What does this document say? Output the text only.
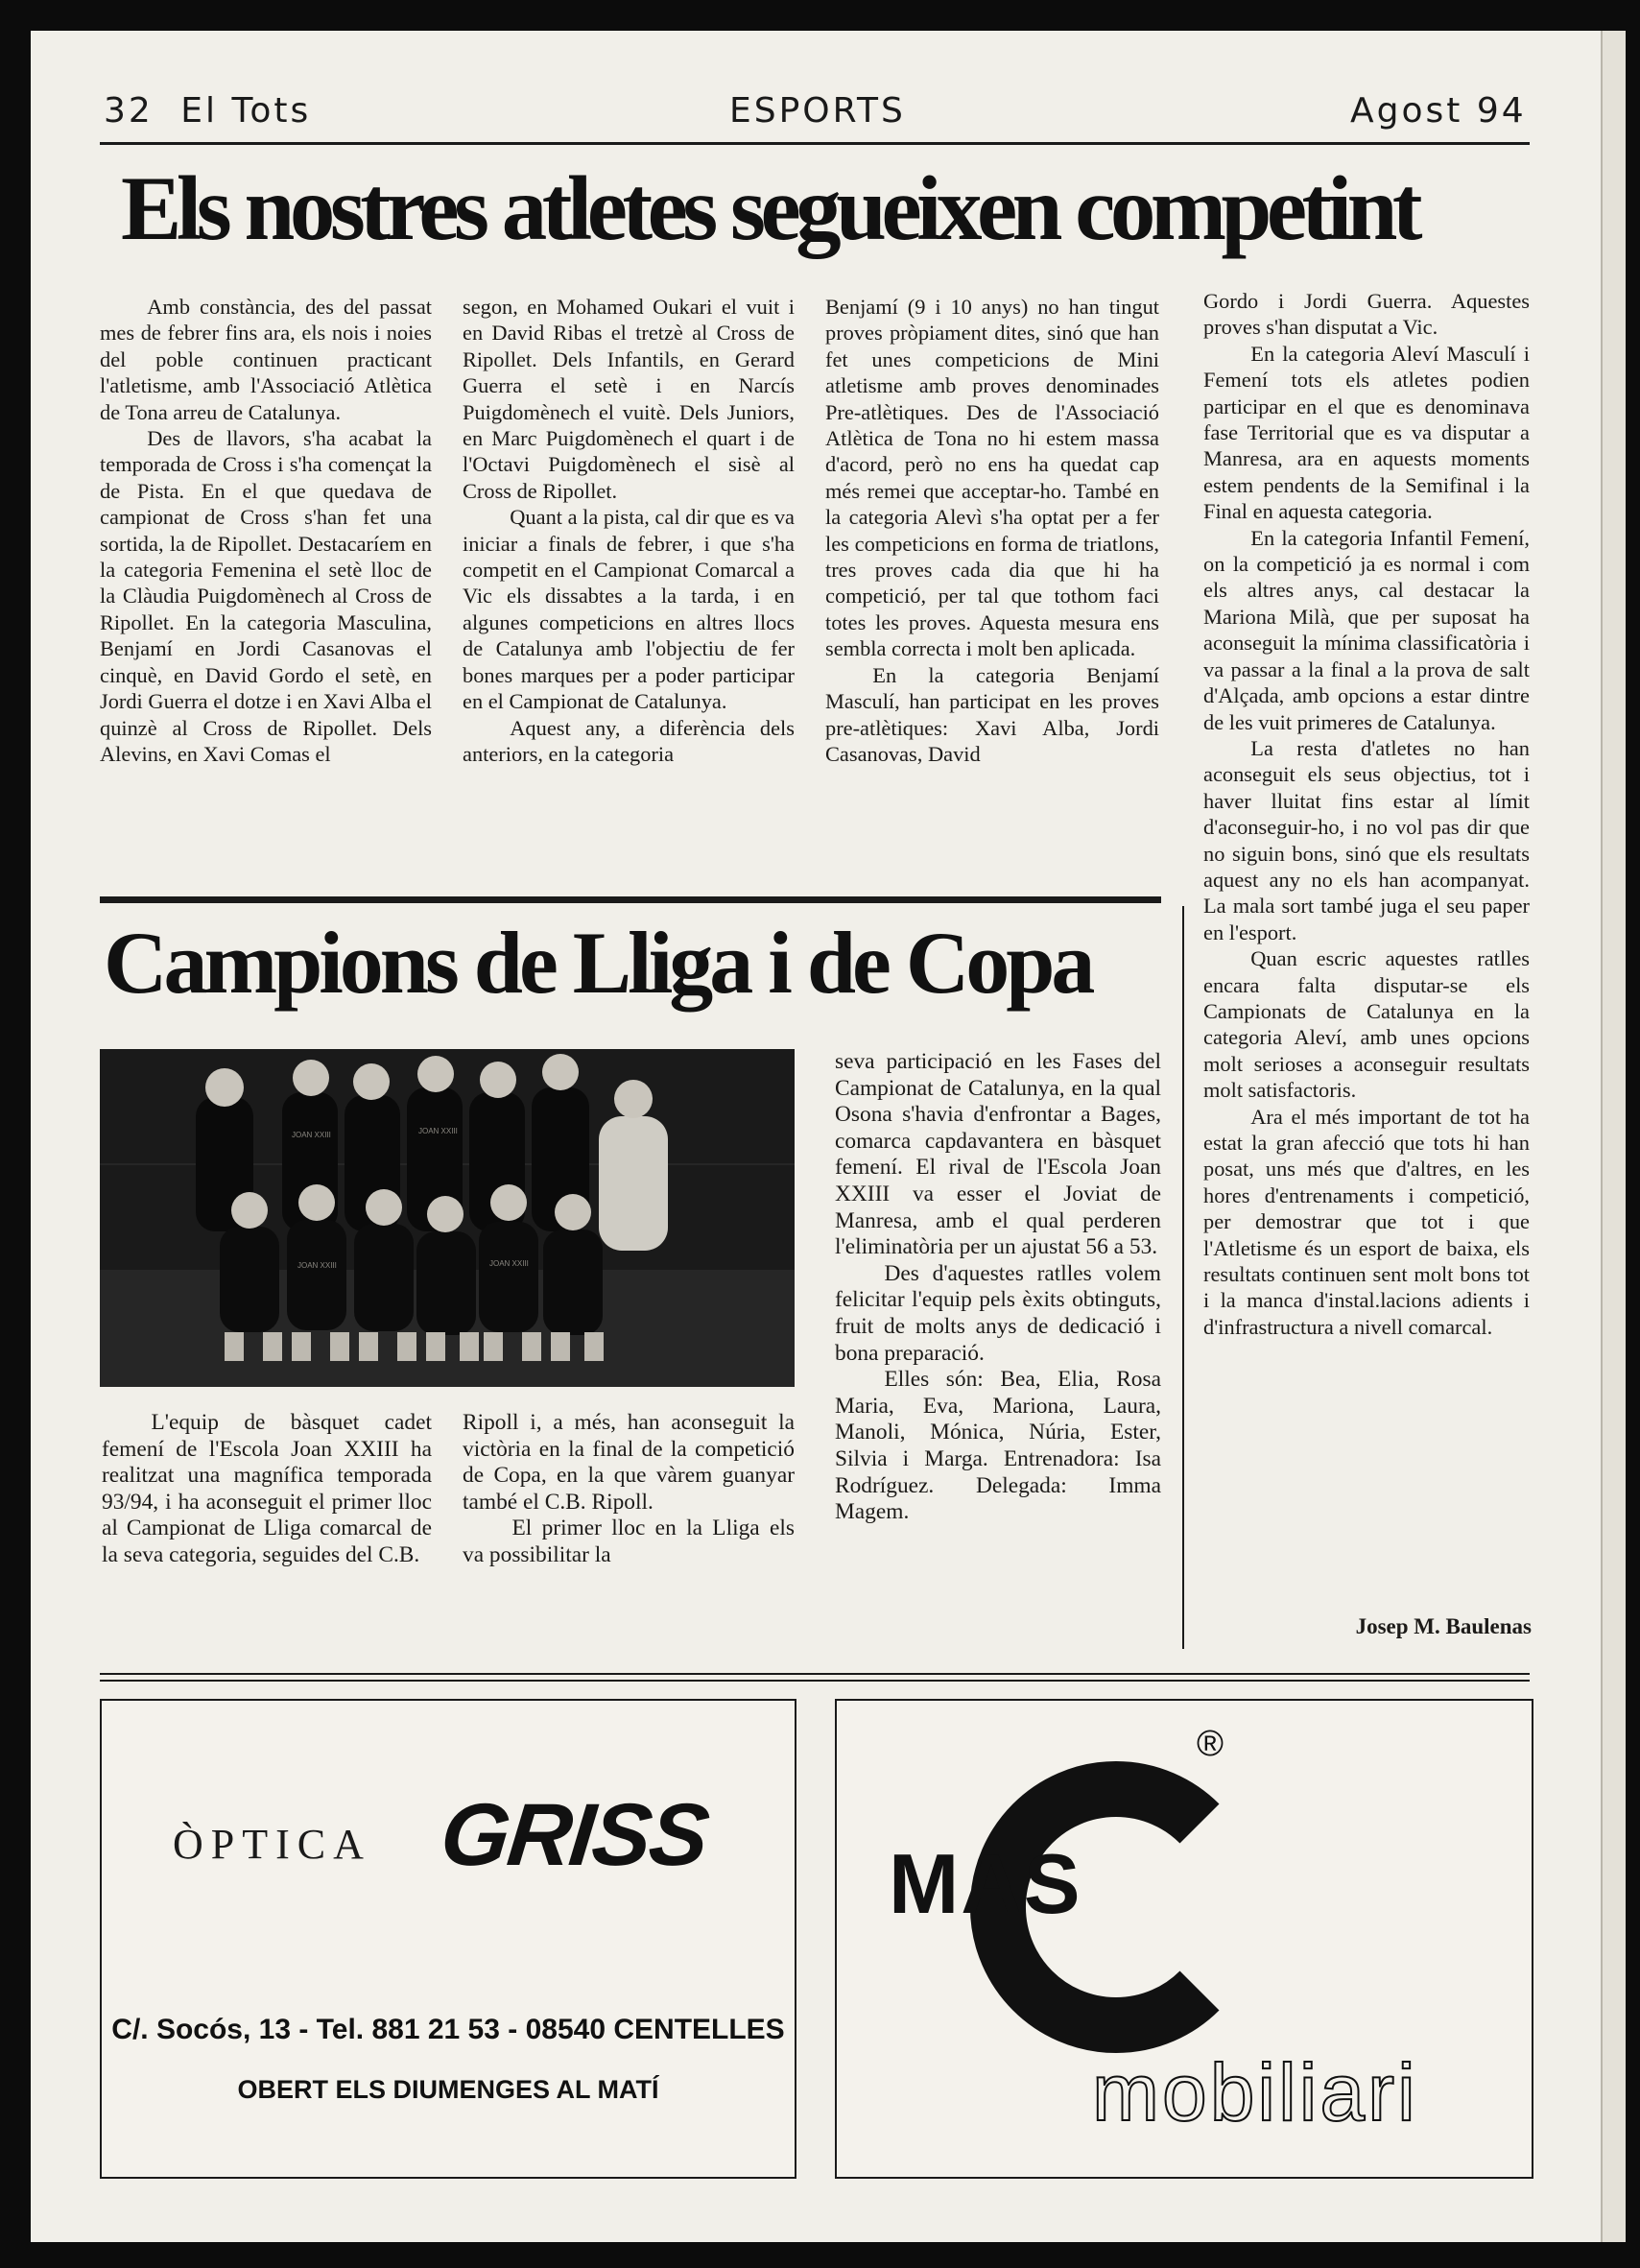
32 El Tots	ESPORTS	Agost 94
Els nostres atletes segueixen competint

Amb constància, des del passat mes de febrer fins ara, els nois i noies del poble continuen practicant l'atletisme, amb l'Associació Atlètica de Tona arreu de Catalunya.

Des de llavors, s'ha acabat la temporada de Cross i s'ha començat la de Pista. En el que quedava de campionat de Cross s'han fet una sortida, la de Ripollet. Destacaríem en la categoria Femenina el setè lloc de la Clàudia Puigdomènech al Cross de Ripollet. En la categoria Masculina, Benjamí en Jordi Casanovas el cinquè, en David Gordo el setè, en Jordi Guerra el dotze i en Xavi Alba el quinzè al Cross de Ripollet. Dels Alevins, en Xavi Comas el

segon, en Mohamed Oukari el vuit i en David Ribas el tretzè al Cross de Ripollet. Dels Infantils, en Gerard Guerra el setè i en Narcís Puigdomènech el vuitè. Dels Juniors, en Marc Puigdomènech el quart i de l'Octavi Puigdomènech el sisè al Cross de Ripollet.

Quant a la pista, cal dir que es va iniciar a finals de febrer, i que s'ha competit en el Campionat Comarcal a Vic els dissabtes a la tarda, i en algunes competicions en altres llocs de Catalunya amb l'objectiu de fer bones marques per a poder participar en el Campionat de Catalunya.

Aquest any, a diferència dels anteriors, en la categoria

Benjamí (9 i 10 anys) no han tingut proves pròpiament dites, sinó que han fet unes competicions de Mini atletisme amb proves denominades Pre-atlètiques. Des de l'Associació Atlètica de Tona no hi estem massa d'acord, però no ens ha quedat cap més remei que acceptar-ho. També en la categoria Alevì s'ha optat per a fer les competicions en forma de triatlons, tres proves cada dia que hi ha competició, per tal que tothom faci totes les proves. Aquesta mesura ens sembla correcta i molt ben aplicada.

En la categoria Benjamí Masculí, han participat en les proves pre-atlètiques: Xavi Alba, Jordi Casanovas, David

Gordo i Jordi Guerra. Aquestes proves s'han disputat a Vic.

En la categoria Aleví Masculí i Femení tots els atletes podien participar en el que es denominava fase Territorial que es va disputar a Manresa, ara en aquests moments estem pendents de la Semifinal i la Final en aquesta categoria.

En la categoria Infantil Femení, on la competició ja es normal i com els altres anys, cal destacar la Mariona Milà, que per suposat ha aconseguit la mínima classificatòria i va passar a la final a la prova de salt d'Alçada, amb opcions a estar dintre de les vuit primeres de Catalunya.

La resta d'atletes no han aconseguit els seus objectius, tot i haver lluitat fins estar al límit d'aconseguir-ho, i no vol pas dir que no siguin bons, sinó que els resultats aquest any no els han acompanyat. La mala sort també juga el seu paper en l'esport.

Quan escric aquestes ratlles encara falta disputar-se els Campionats de Catalunya en la categoria Aleví, amb unes opcions molt serioses a aconseguir resultats molt satisfactoris.

Ara el més important de tot ha estat la gran afecció que tots hi han posat, uns més que d'altres, en les hores d'entrenaments i competició, per demostrar que tot i que l'Atletisme és un esport de baixa, els resultats continuen sent molt bons tot i la manca d'instal.lacions adients i d'infrastructura a nivell comarcal.

Campions de Lliga i de Copa
JOAN XXIII	JOAN XXIII
JOAN XXIII	JOAN XXIII

seva participació en les Fases del Campionat de Catalunya, en la qual Osona s'havia d'enfrontar a Bages, comarca capdavantera en bàsquet femení. El rival de l'Escola Joan XXIII va esser el Joviat de Manresa, amb el qual perderen l'eliminatòria per un ajustat 56 a 53.

Des d'aquestes ratlles volem felicitar l'equip pels èxits obtinguts, fruit de molts anys de dedicació i bona preparació.

Elles són: Bea, Elia, Rosa Maria, Eva, Mariona, Laura, Manoli, Mónica, Núria, Ester, Silvia i Marga. Entrenadora: Isa Rodríguez. Delegada: Imma Magem.

L'equip de bàsquet cadet femení de l'Escola Joan XXIII ha realitzat una magnífica temporada 93/94, i ha aconseguit el primer lloc al Campionat de Lliga comarcal de la seva categoria, seguides del C.B.

Ripoll i, a més, han aconseguit la victòria en la final de la competició de Copa, en la que vàrem guanyar també el C.B. Ripoll.

El primer lloc en la Lliga els va possibilitar la

Josep M. Baulenas
ÒPTICA GRISS
C/. Socós, 13 - Tel. 881 21 53 - 08540 CENTELLES
OBERT ELS DIUMENGES AL MATÍ
MAS
®
mobiliari
